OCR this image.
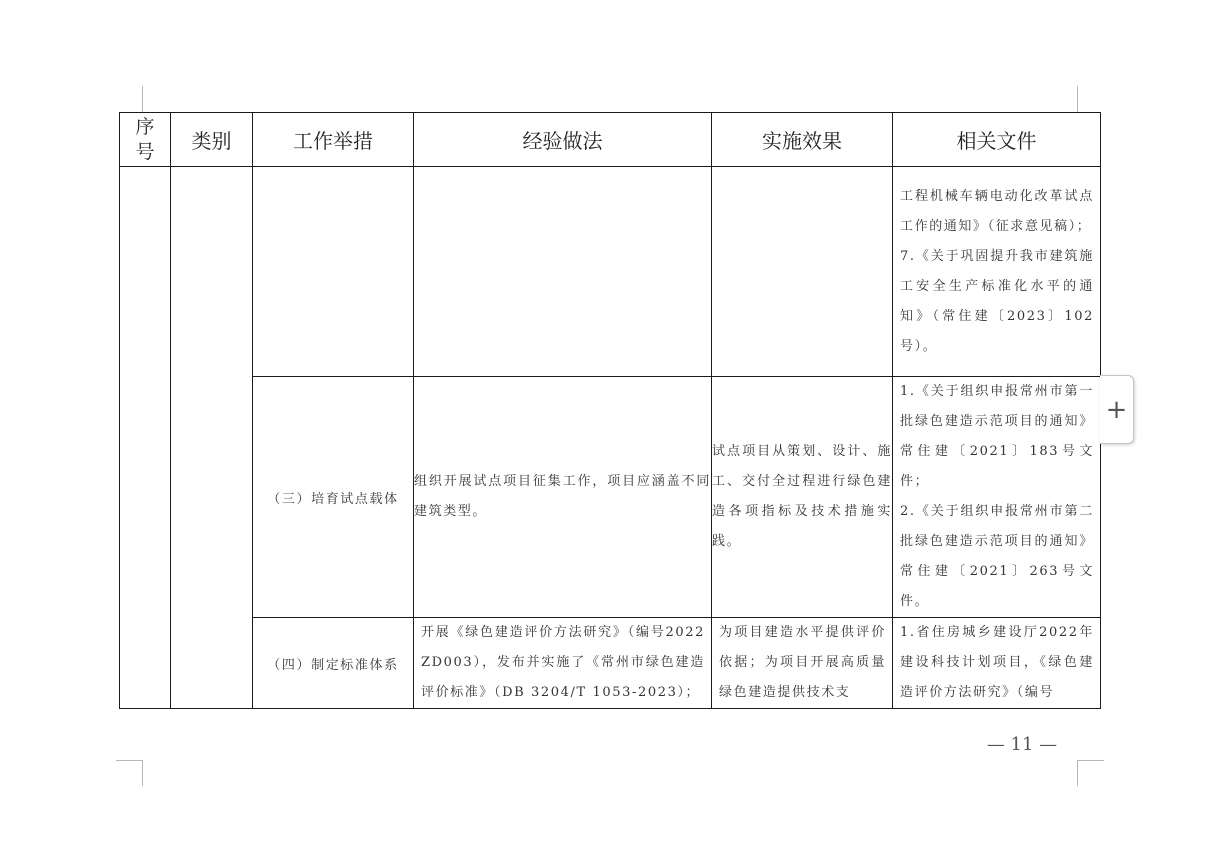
序号	类别	工作举措	经验做法	实施效果	相关文件

					工程机械车辆电动化改革试点工作的通知》（征求意见稿）；
7.《关于巩固提升我市建筑施工安全生产标准化水平的通知》（常住建〔2023〕102号）。

		（三）培育试点载体	组织开展试点项目征集工作，项目应涵盖不同建筑类型。	试点项目从策划、设计、施工、交付全过程进行绿色建造各项指标及技术措施实践。	1.《关于组织申报常州市第一批绿色建造示范项目的通知》 常住建〔2021〕183号文件；
2.《关于组织申报常州市第二批绿色建造示范项目的通知》 常住建〔2021〕263号文件。

		（四）制定标准体系	开展《绿色建造评价方法研究》（编号2022ZD003），发布并实施了《常州市绿色建造评价标准》（DB 3204/T 1053-2023）；	为项目建造水平提供评价依据；为项目开展高质量绿色建造提供技术支	1.省住房城乡建设厅2022年建设科技计划项目，《绿色建造评价方法研究》（编号
— 11 —
+
